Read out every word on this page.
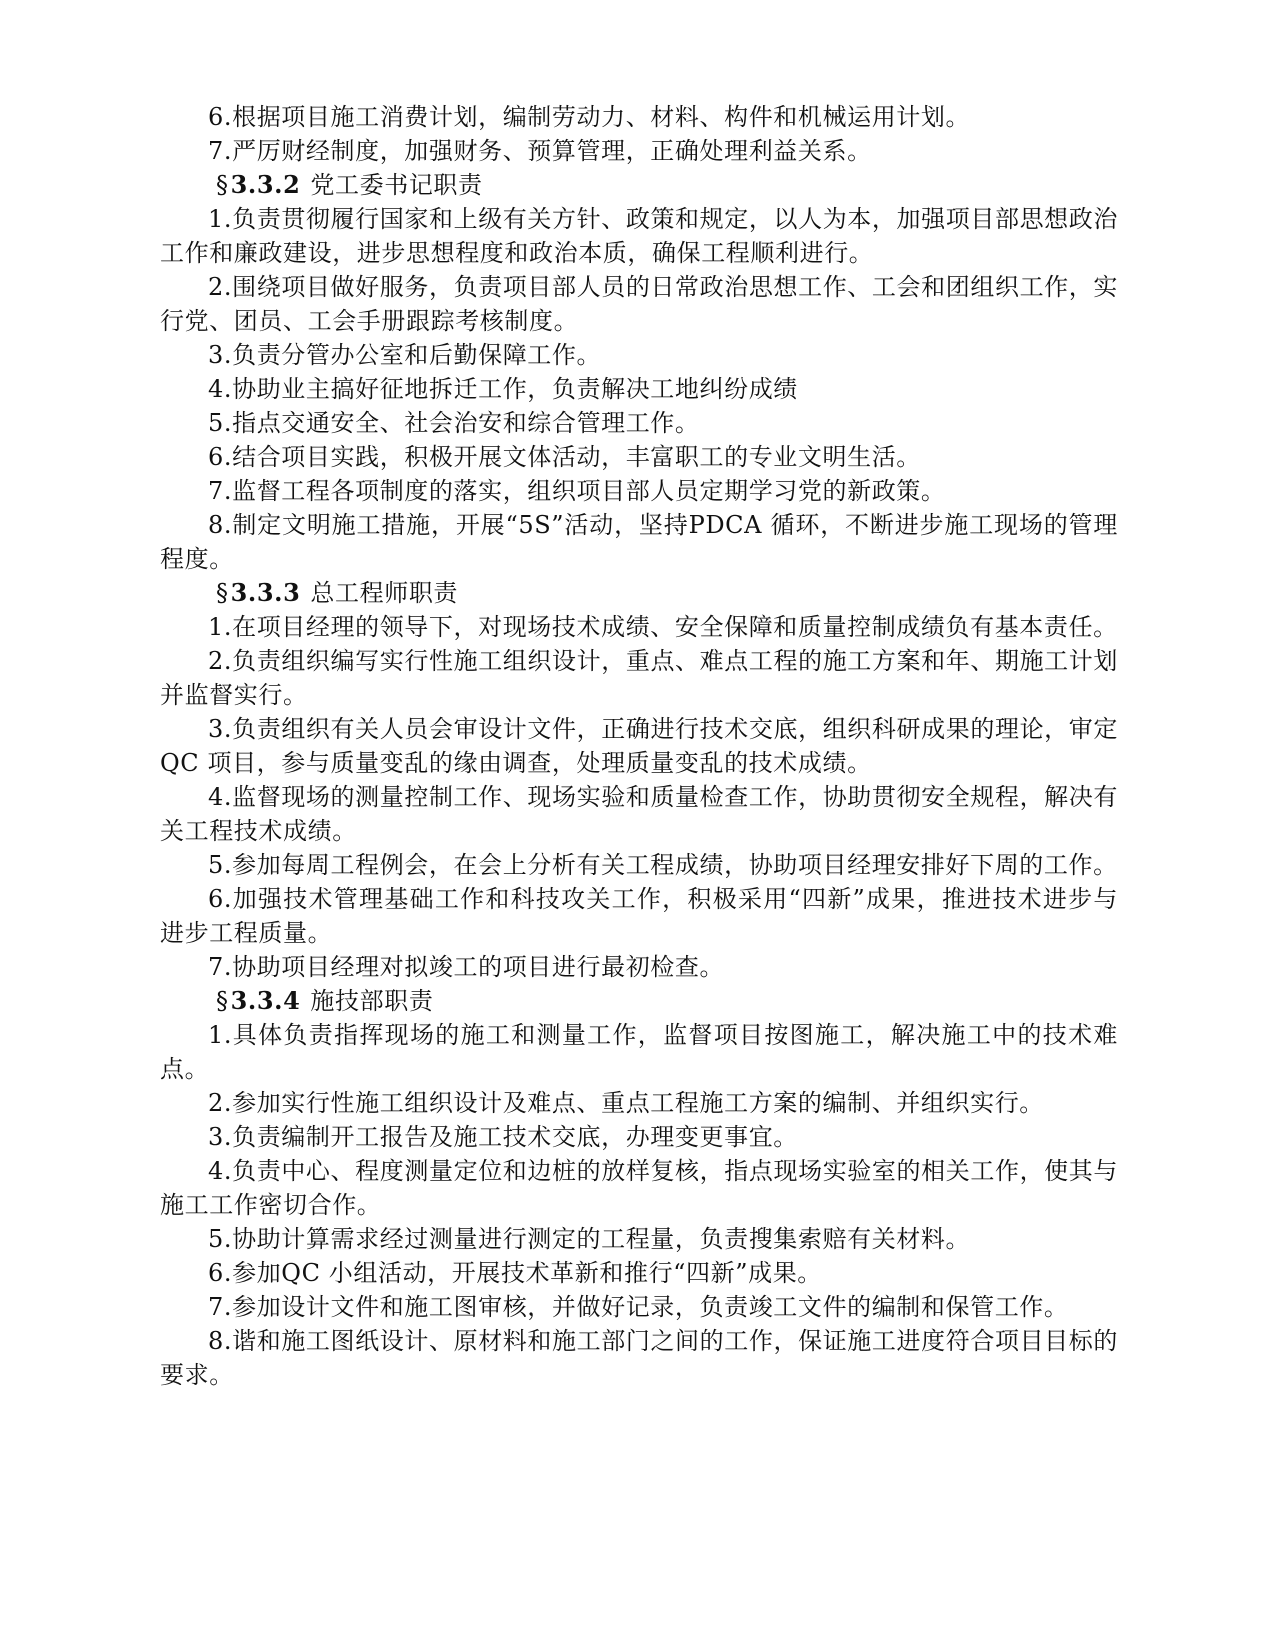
6.根据项目施工消费计划，编制劳动力、材料、构件和机械运用计划。

7.严厉财经制度，加强财务、预算管理，正确处理利益关系。

§3.3.2 党工委书记职责

1.负责贯彻履行国家和上级有关方针、政策和规定，以人为本，加强项目部思想政治工作和廉政建设，进步思想程度和政治本质，确保工程顺利进行。

2.围绕项目做好服务，负责项目部人员的日常政治思想工作、工会和团组织工作，实行党、团员、工会手册跟踪考核制度。

3.负责分管办公室和后勤保障工作。

4.协助业主搞好征地拆迁工作，负责解决工地纠纷成绩

5.指点交通安全、社会治安和综合管理工作。

6.结合项目实践，积极开展文体活动，丰富职工的专业文明生活。

7.监督工程各项制度的落实，组织项目部人员定期学习党的新政策。

8.制定文明施工措施，开展“5S”活动，坚持PDCA 循环，不断进步施工现场的管理程度。

§3.3.3 总工程师职责

1.在项目经理的领导下，对现场技术成绩、安全保障和质量控制成绩负有基本责任。

2.负责组织编写实行性施工组织设计，重点、难点工程的施工方案和年、期施工计划并监督实行。

3.负责组织有关人员会审设计文件，正确进行技术交底，组织科研成果的理论，审定QC 项目，参与质量变乱的缘由调查，处理质量变乱的技术成绩。

4.监督现场的测量控制工作、现场实验和质量检查工作，协助贯彻安全规程，解决有关工程技术成绩。

5.参加每周工程例会，在会上分析有关工程成绩，协助项目经理安排好下周的工作。

6.加强技术管理基础工作和科技攻关工作，积极采用“四新”成果，推进技术进步与进步工程质量。

7.协助项目经理对拟竣工的项目进行最初检查。

§3.3.4 施技部职责

1.具体负责指挥现场的施工和测量工作，监督项目按图施工，解决施工中的技术难点。

2.参加实行性施工组织设计及难点、重点工程施工方案的编制、并组织实行。

3.负责编制开工报告及施工技术交底，办理变更事宜。

4.负责中心、程度测量定位和边桩的放样复核，指点现场实验室的相关工作，使其与施工工作密切合作。

5.协助计算需求经过测量进行测定的工程量，负责搜集索赔有关材料。

6.参加QC 小组活动，开展技术革新和推行“四新”成果。

7.参加设计文件和施工图审核，并做好记录，负责竣工文件的编制和保管工作。

8.谐和施工图纸设计、原材料和施工部门之间的工作，保证施工进度符合项目目标的要求。
